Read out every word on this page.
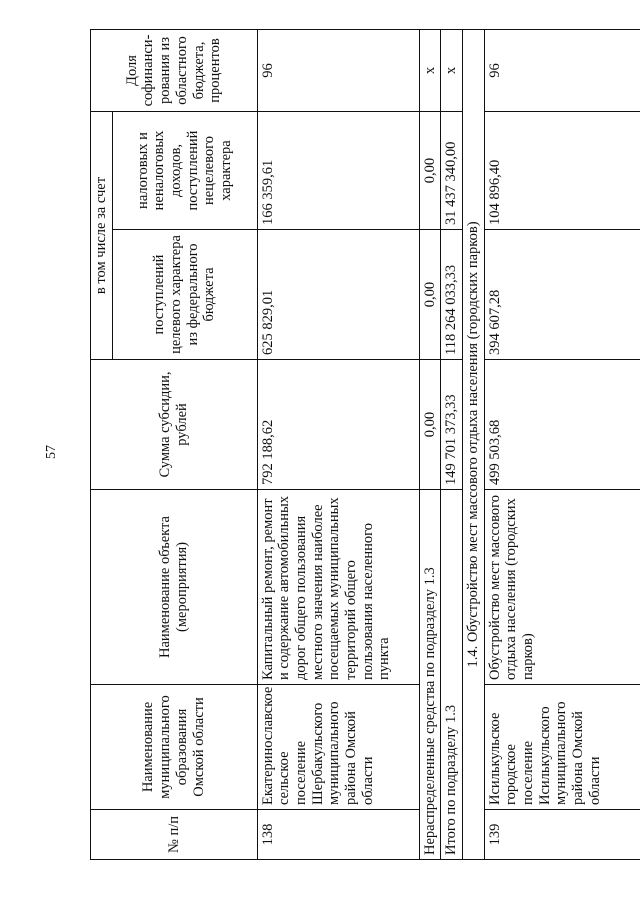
57
№ п/п	Наименование муниципального образования Омской области	Наименование объекта (мероприятия)	Сумма субсидии, рублей	в том числе за счет		Доля софинанси-рования из областного бюджета, процентов
				поступлений целевого характера из федерального бюджета	налоговых и неналоговых доходов, поступлений нецелевого характера	
138	Екатеринославское сельское поселение Шербакульского муниципального района Омской области	Капитальный ремонт, ремонт и содержание автомобильных дорог общего пользования местного значения наиболее посещаемых муниципальных территорий общего пользования населенного пункта	792 188,62	625 829,01	166 359,61	96
Нераспределенные средства по подразделу 1.3			0,00	0,00	0,00	x
Итого по подразделу 1.3			149 701 373,33	118 264 033,33	31 437 340,00	x
1.4. Обустройство мест массового отдыха населения (городских парков)						
139	Исилькульское городское поселение Исилькульского муниципального района Омской области	Обустройство мест массового отдыха населения (городских парков)	499 503,68	394 607,28	104 896,40	96
